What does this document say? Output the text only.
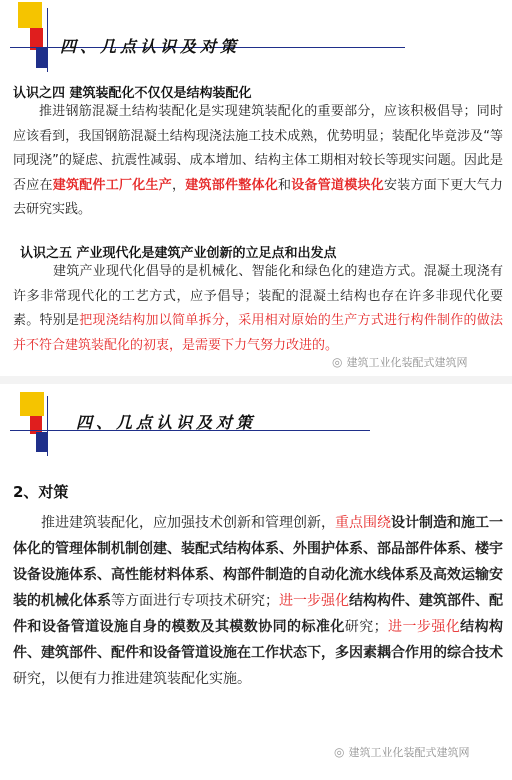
四、几点认识及对策
认识之四 建筑装配化不仅仅是结构装配化
推进钢筋混凝土结构装配化是实现建筑装配化的重要部分，应该积极倡导；同时应该看到，我国钢筋混凝土结构现浇法施工技术成熟，优势明显；装配化毕竟涉及“等同现浇”的疑虑、抗震性减弱、成本增加、结构主体工期相对较长等现实问题。因此是否应在建筑配件工厂化生产，建筑部件整体化和设备管道模块化安装方面下更大气力去研究实践。
认识之五 产业现代化是建筑产业创新的立足点和出发点
建筑产业现代化倡导的是机械化、智能化和绿色化的建造方式。混凝土现浇有许多非常现代化的工艺方式，应予倡导；装配的混凝土结构也存在许多非现代化要素。特别是把现浇结构加以简单拆分，采用相对原始的生产方式进行构件制作的做法并不符合建筑装配化的初衷，是需要下力气努力改进的。
◎ 建筑工业化装配式建筑网
四、几点认识及对策
2、对策
推进建筑装配化，应加强技术创新和管理创新，重点围绕设计制造和施工一体化的管理体制机制创建、装配式结构体系、外围护体系、部品部件体系、楼宇设备设施体系、高性能材料体系、构部件制造的自动化流水线体系及高效运输安装的机械化体系等方面进行专项技术研究；进一步强化结构构件、建筑部件、配件和设备管道设施自身的模数及其模数协同的标准化研究；进一步强化结构构件、建筑部件、配件和设备管道设施在工作状态下，多因素耦合作用的综合技术研究，以便有力推进建筑装配化实施。
◎ 建筑工业化装配式建筑网
